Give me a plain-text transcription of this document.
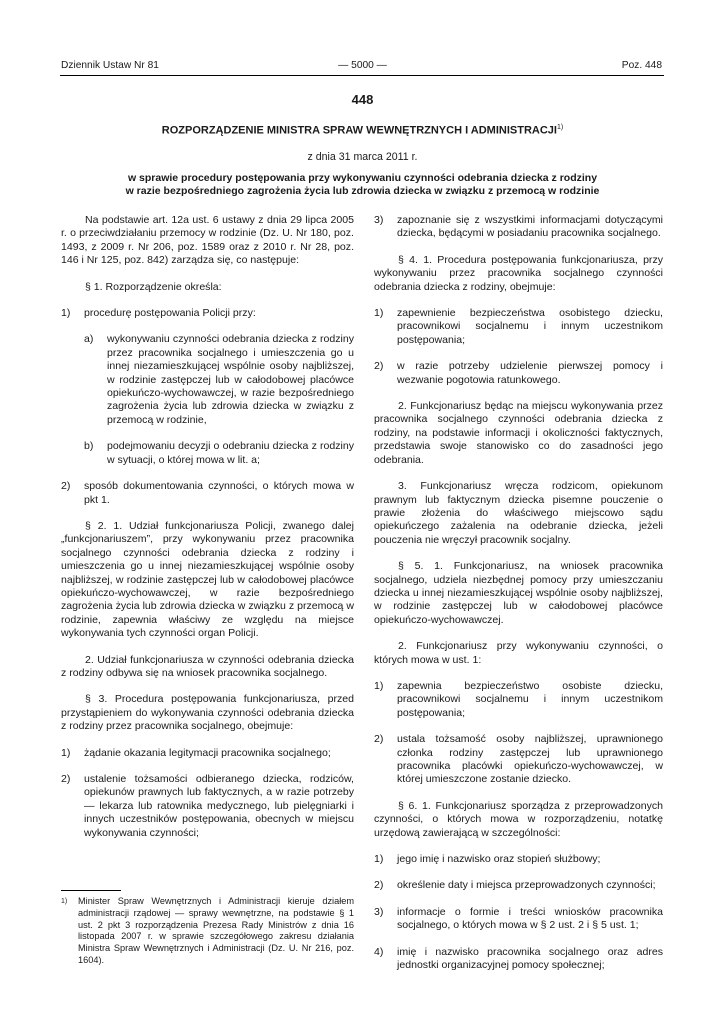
Dziennik Ustaw Nr 81	— 5000 —	Poz. 448
448
ROZPORZĄDZENIE MINISTRA SPRAW WEWNĘTRZNYCH I ADMINISTRACJI$^{1)}$
z dnia 31 marca 2011 r.
w sprawie procedury postępowania przy wykonywaniu czynności odebrania dziecka z rodziny
w razie bezpośredniego zagrożenia życia lub zdrowia dziecka w związku z przemocą w rodzinie

Na podstawie art. 12a ust. 6 ustawy z dnia 29 lipca 2005 r. o przeciwdziałaniu przemocy w rodzinie (Dz. U. Nr 180, poz. 1493, z 2009 r. Nr 206, poz. 1589 oraz z 2010 r. Nr 28, poz. 146 i Nr 125, poz. 842) zarządza się, co następuje:

§ 1. Rozporządzenie określa:

1)	procedurę postępowania Policji przy:
a)	wykonywaniu czynności odebrania dziecka z rodziny przez pracownika socjalnego i umieszczenia go u innej niezamieszkującej wspólnie osoby najbliższej, w rodzinie zastępczej lub w całodobowej placówce opiekuńczo-wychowawczej, w razie bezpośredniego zagrożenia życia lub zdrowia dziecka w związku z przemocą w rodzinie,
b)	podejmowaniu decyzji o odebraniu dziecka z rodziny w sytuacji, o której mowa w lit. a;
2)	sposób dokumentowania czynności, o których mowa w pkt 1.

§ 2. 1. Udział funkcjonariusza Policji, zwanego dalej „funkcjonariuszem”, przy wykonywaniu przez pracownika socjalnego czynności odebrania dziecka z rodziny i umieszczenia go u innej niezamieszkującej wspólnie osoby najbliższej, w rodzinie zastępczej lub w całodobowej placówce opiekuńczo-wychowawczej, w razie bezpośredniego zagrożenia życia lub zdrowia dziecka w związku z przemocą w rodzinie, zapewnia właściwy ze względu na miejsce wykonywania tych czynności organ Policji.

2. Udział funkcjonariusza w czynności odebrania dziecka z rodziny odbywa się na wniosek pracownika socjalnego.

§ 3. Procedura postępowania funkcjonariusza, przed przystąpieniem do wykonywania czynności odebrania dziecka z rodziny przez pracownika socjalnego, obejmuje:

1)	żądanie okazania legitymacji pracownika socjalnego;
2)	ustalenie tożsamości odbieranego dziecka, rodziców, opiekunów prawnych lub faktycznych, a w razie potrzeby — lekarza lub ratownika medycznego, lub pielęgniarki i innych uczestników postępowania, obecnych w miejscu wykonywania czynności;
1)	Minister Spraw Wewnętrznych i Administracji kieruje działem administracji rządowej — sprawy wewnętrzne, na podstawie § 1 ust. 2 pkt 3 rozporządzenia Prezesa Rady Ministrów z dnia 16 listopada 2007 r. w sprawie szczegółowego zakresu działania Ministra Spraw Wewnętrznych i Administracji (Dz. U. Nr 216, poz. 1604).
3)	zapoznanie się z wszystkimi informacjami dotyczącymi dziecka, będącymi w posiadaniu pracownika socjalnego.

§ 4. 1. Procedura postępowania funkcjonariusza, przy wykonywaniu przez pracownika socjalnego czynności odebrania dziecka z rodziny, obejmuje:

1)	zapewnienie bezpieczeństwa osobistego dziecku, pracownikowi socjalnemu i innym uczestnikom postępowania;
2)	w razie potrzeby udzielenie pierwszej pomocy i wezwanie pogotowia ratunkowego.

2. Funkcjonariusz będąc na miejscu wykonywania przez pracownika socjalnego czynności odebrania dziecka z rodziny, na podstawie informacji i okoliczności faktycznych, przedstawia swoje stanowisko co do zasadności jego odebrania.

3. Funkcjonariusz wręcza rodzicom, opiekunom prawnym lub faktycznym dziecka pisemne pouczenie o prawie złożenia do właściwego miejscowo sądu opiekuńczego zażalenia na odebranie dziecka, jeżeli pouczenia nie wręczył pracownik socjalny.

§ 5. 1. Funkcjonariusz, na wniosek pracownika socjalnego, udziela niezbędnej pomocy przy umieszczaniu dziecka u innej niezamieszkującej wspólnie osoby najbliższej, w rodzinie zastępczej lub w całodobowej placówce opiekuńczo-wychowawczej.

2. Funkcjonariusz przy wykonywaniu czynności, o których mowa w ust. 1:

1)	zapewnia bezpieczeństwo osobiste dziecku, pracownikowi socjalnemu i innym uczestnikom postępowania;
2)	ustala tożsamość osoby najbliższej, uprawnionego członka rodziny zastępczej lub uprawnionego pracownika placówki opiekuńczo-wychowawczej, w której umieszczone zostanie dziecko.

§ 6. 1. Funkcjonariusz sporządza z przeprowadzonych czynności, o których mowa w rozporządzeniu, notatkę urzędową zawierającą w szczególności:

1)	jego imię i nazwisko oraz stopień służbowy;
2)	określenie daty i miejsca przeprowadzonych czynności;
3)	informacje o formie i treści wniosków pracownika socjalnego, o których mowa w § 2 ust. 2 i § 5 ust. 1;
4)	imię i nazwisko pracownika socjalnego oraz adres jednostki organizacyjnej pomocy społecznej;
